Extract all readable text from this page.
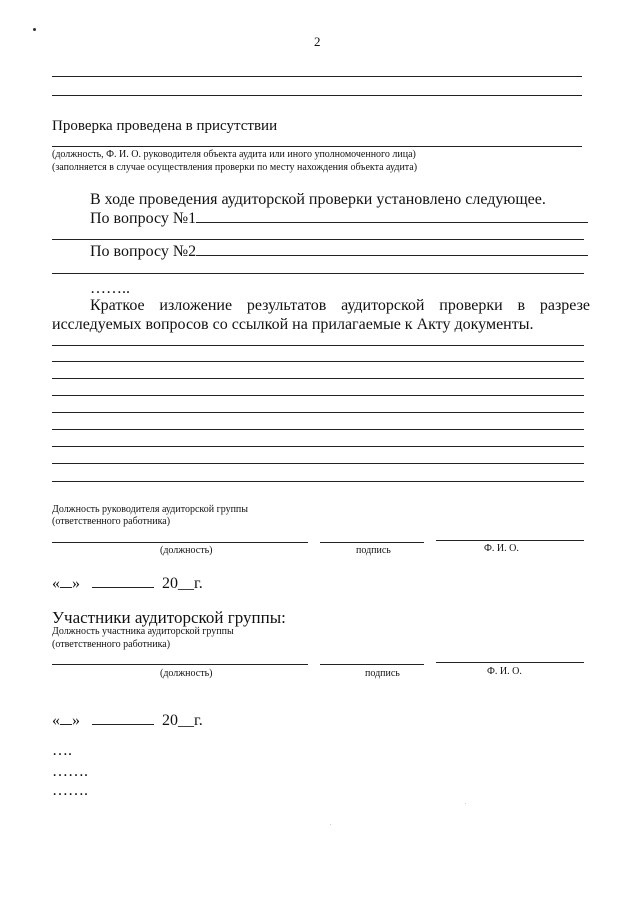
2
Проверка проведена в присутствии
(должность, Ф. И. О. руководителя объекта аудита или иного уполномоченного лица)
(заполняется в случае осуществления проверки по месту нахождения объекта аудита)
В ходе проведения аудиторской проверки установлено следующее.
По вопросу №1
По вопросу №2
……..
Краткое изложение результатов аудиторской проверки в разрезе
исследуемых вопросов со ссылкой на прилагаемые к Акту документы.
Должность руководителя аудиторской группы
(ответственного работника)
(должность)	подпись	Ф. И. О.
« »	20__г.
Участники аудиторской группы:
Должность участника аудиторской группы
(ответственного работника)
(должность)	подпись	Ф. И. О.
« »	20__г.
….
…….
…….
